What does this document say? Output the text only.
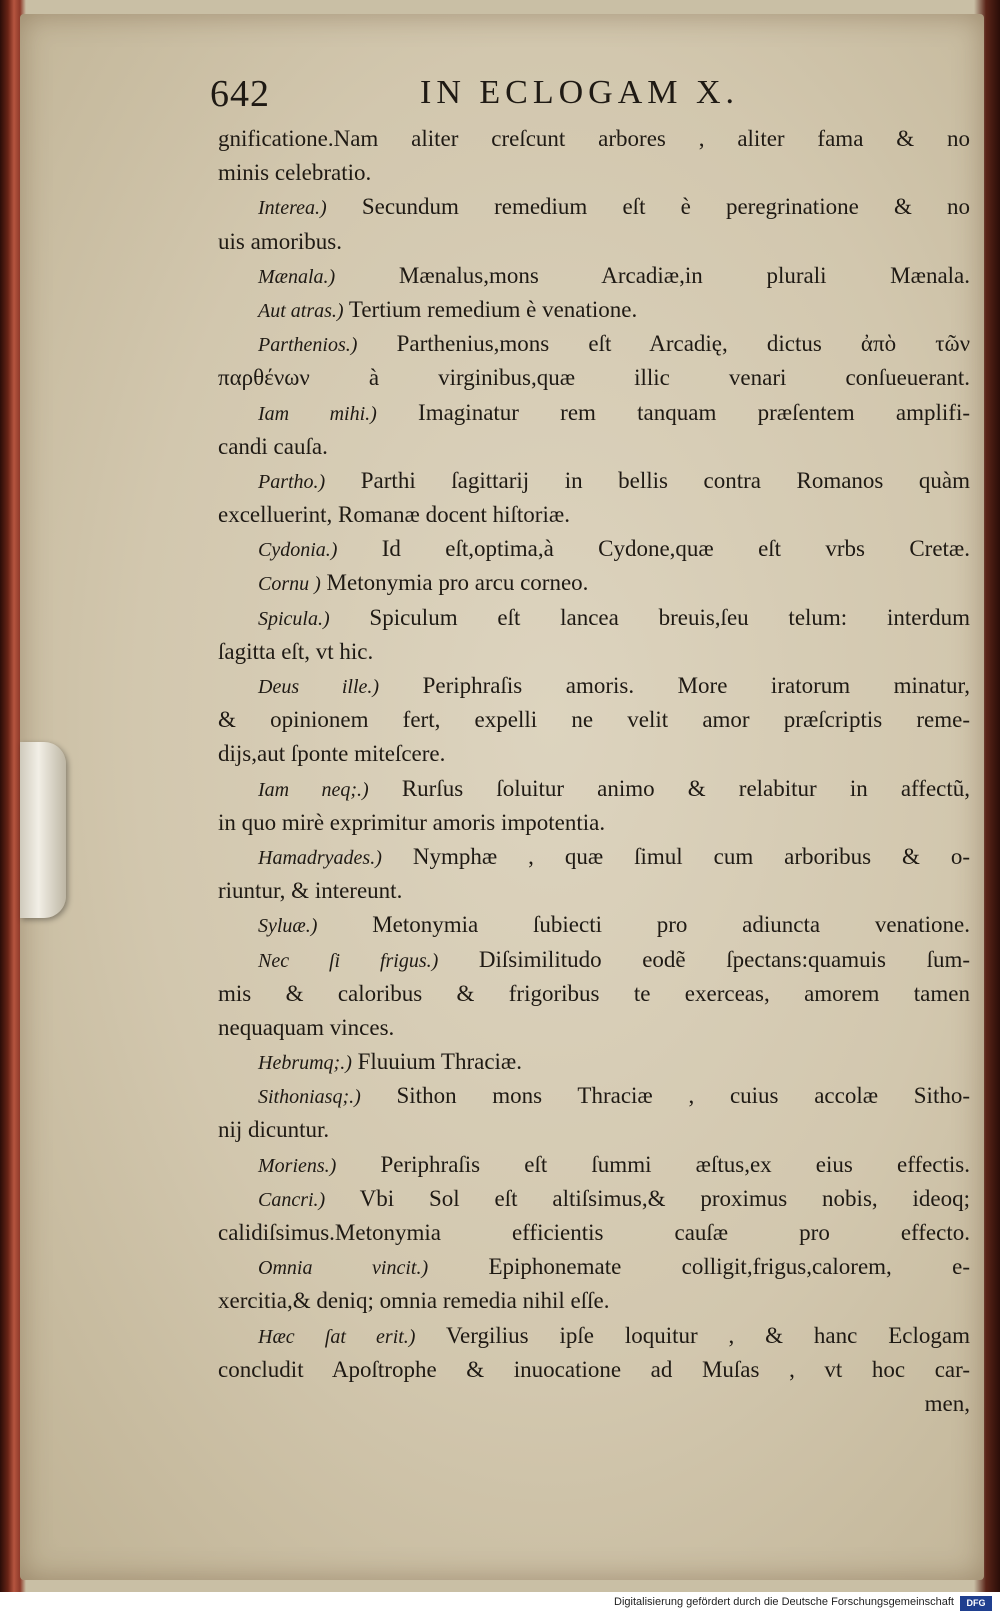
642	IN ECLOGAM X.
gnificatione.Nam aliter creſcunt arbores , aliter fama & no
minis celebratio.
Interea.) Secundum remedium eſt è peregrinatione & no
uis amoribus.
Mænala.)	Mænalus,mons Arcadiæ,in plurali Mænala.
Aut atras.) Tertium remedium è venatione.
Parthenios.) Parthenius,mons eſt Arcadię, dictus ἀπὸ τῶν
παρθένων à virginibus,quæ illic venari conſueuerant.
Iam mihi.) Imaginatur rem tanquam præſentem amplifi-
candi cauſa.
Partho.) Parthi ſagittarij in bellis contra Romanos quàm
excelluerint, Romanæ docent hiſtoriæ.
Cydonia.) Id eſt,optima,à Cydone,quæ eſt vrbs Cretæ.
Cornu ) Metonymia pro arcu corneo.
Spicula.) Spiculum eſt lancea breuis,ſeu telum: interdum
ſagitta eſt, vt hic.
Deus ille.) Periphraſis amoris. More iratorum minatur,
& opinionem fert, expelli ne velit amor præſcriptis reme-
dijs,aut ſponte miteſcere.
Iam neq;.) Rurſus ſoluitur animo & relabitur in affectũ,
in quo mirè exprimitur amoris impotentia.
Hamadryades.) Nymphæ , quæ ſimul cum arboribus & o-
riuntur, & intereunt.
Syluæ.) Metonymia ſubiecti pro adiuncta venatione.
Nec ſi frigus.) Diſsimilitudo eodẽ ſpectans:quamuis ſum-
mis & caloribus & frigoribus te exerceas, amorem tamen
nequaquam vinces.
Hebrumq;.) Fluuium Thraciæ.
Sithoniasq;.) Sithon mons Thraciæ , cuius accolæ Sitho-
nij dicuntur.
Moriens.) Periphraſis eſt ſummi æſtus,ex eius effectis.
Cancri.) Vbi Sol eſt altiſsimus,& proximus nobis, ideoq;
calidiſsimus.Metonymia efficientis cauſæ pro effecto.
Omnia vincit.)	Epiphonemate colligit,frigus,calorem, e-
xercitia,& deniq; omnia remedia nihil eſſe.
Hæc ſat erit.) Vergilius ipſe loquitur , & hanc Eclogam
concludit Apoſtrophe & inuocatione ad Muſas , vt hoc car-
men,
Digitalisierung gefördert durch die Deutsche Forschungsgemeinschaft	DFG
